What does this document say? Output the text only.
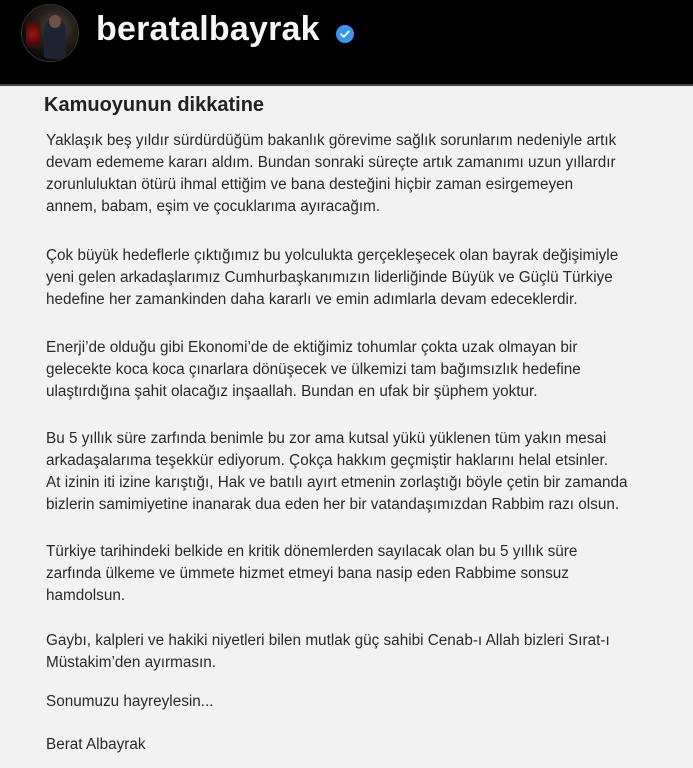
beratalbayrak
Kamuoyunun dikkatine
Yaklaşık beş yıldır sürdürdüğüm bakanlık görevime sağlık sorunlarım nedeniyle artık
devam edememe kararı aldım. Bundan sonraki süreçte artık zamanımı uzun yıllardır
zorunluluktan ötürü ihmal ettiğim ve bana desteğini hiçbir zaman esirgemeyen
annem, babam, eşim ve çocuklarıma ayıracağım.
Çok büyük hedeflerle çıktığımız bu yolculukta gerçekleşecek olan bayrak değişimiyle
yeni gelen arkadaşlarımız Cumhurbaşkanımızın liderliğinde Büyük ve Güçlü Türkiye
hedefine her zamankinden daha kararlı ve emin adımlarla devam edeceklerdir.
Enerji’de olduğu gibi Ekonomi’de de ektiğimiz tohumlar çokta uzak olmayan bir
gelecekte koca koca çınarlara dönüşecek ve ülkemizi tam bağımsızlık hedefine
ulaştırdığına şahit olacağız inşaallah. Bundan en ufak bir şüphem yoktur.
Bu 5 yıllık süre zarfında benimle bu zor ama kutsal yükü yüklenen tüm yakın mesai
arkadaşalarıma teşekkür ediyorum. Çokça hakkım geçmiştir haklarını helal etsinler.
At izinin iti izine karıştığı, Hak ve batılı ayırt etmenin zorlaştığı böyle çetin bir zamanda
bizlerin samimiyetine inanarak dua eden her bir vatandaşımızdan Rabbim razı olsun.
Türkiye tarihindeki belkide en kritik dönemlerden sayılacak olan bu 5 yıllık süre
zarfında ülkeme ve ümmete hizmet etmeyi bana nasip eden Rabbime sonsuz
hamdolsun.
Gaybı, kalpleri ve hakiki niyetleri bilen mutlak güç sahibi Cenab-ı Allah bizleri Sırat-ı
Müstakim’den ayırmasın.
Sonumuzu hayreylesin...
Berat Albayrak
